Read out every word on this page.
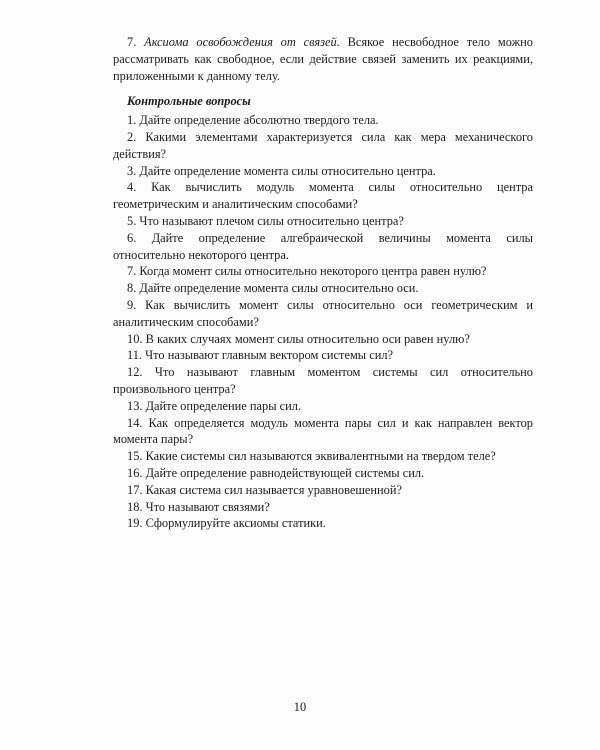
7. Аксиома освобождения от связей. Всякое несвободное тело можно рассматривать как свободное, если действие связей заменить их реакциями, приложенными к данному телу.

Контрольные вопросы

1. Дайте определение абсолютно твердого тела.

2. Какими элементами характеризуется сила как мера механического действия?

3. Дайте определение момента силы относительно центра.

4. Как вычислить модуль момента силы относительно центра геометрическим и аналитическим способами?

5. Что называют плечом силы относительно центра?

6. Дайте определение алгебраической величины момента силы относительно некоторого центра.

7. Когда момент силы относительно некоторого центра равен нулю?

8. Дайте определение момента силы относительно оси.

9. Как вычислить момент силы относительно оси геометрическим и аналитическим способами?

10. В каких случаях момент силы относительно оси равен нулю?

11. Что называют главным вектором системы сил?

12. Что называют главным моментом системы сил относительно произвольного центра?

13. Дайте определение пары сил.

14. Как определяется модуль момента пары сил и как направлен вектор момента пары?

15. Какие системы сил называются эквивалентными на твердом теле?

16. Дайте определение равнодействующей системы сил.

17. Какая система сил называется уравновешенной?

18. Что называют связями?

19. Сформулируйте аксиомы статики.

10
